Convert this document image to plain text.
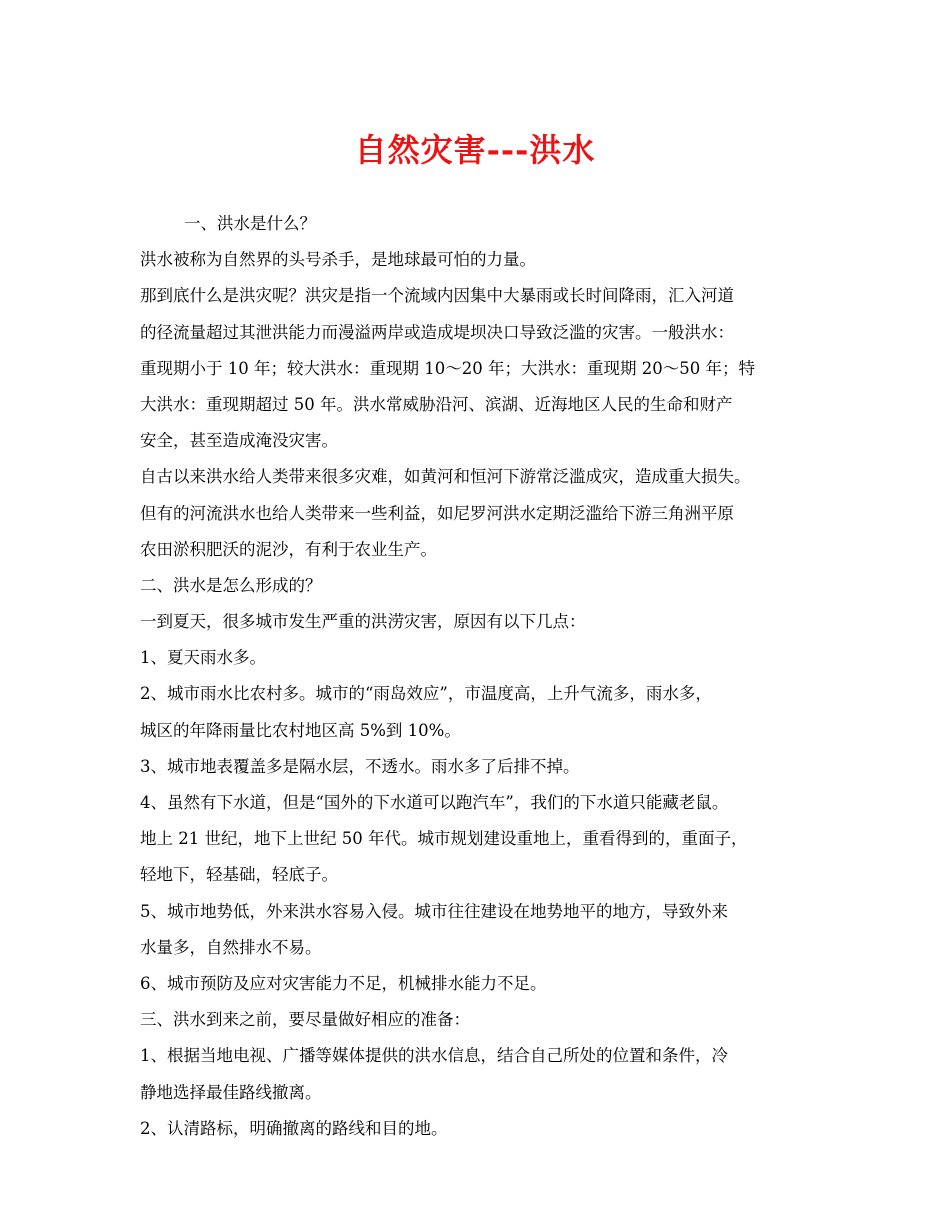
自然灾害---洪水
一、洪水是什么？
洪水被称为自然界的头号杀手，是地球最可怕的力量。
那到底什么是洪灾呢？洪灾是指一个流域内因集中大暴雨或长时间降雨，汇入河道
的径流量超过其泄洪能力而漫溢两岸或造成堤坝决口导致泛滥的灾害。一般洪水：
重现期小于 10 年；较大洪水：重现期 10～20 年；大洪水：重现期 20～50 年；特
大洪水：重现期超过 50 年。洪水常威胁沿河、滨湖、近海地区人民的生命和财产
安全，甚至造成淹没灾害。
自古以来洪水给人类带来很多灾难，如黄河和恒河下游常泛滥成灾，造成重大损失。
但有的河流洪水也给人类带来一些利益，如尼罗河洪水定期泛滥给下游三角洲平原
农田淤积肥沃的泥沙，有利于农业生产。
二、洪水是怎么形成的？
一到夏天，很多城市发生严重的洪涝灾害，原因有以下几点：
1、夏天雨水多。
2、城市雨水比农村多。城市的“雨岛效应”，市温度高，上升气流多，雨水多，
城区的年降雨量比农村地区高 5%到 10%。
3、城市地表覆盖多是隔水层，不透水。雨水多了后排不掉。
4、虽然有下水道，但是“国外的下水道可以跑汽车”，我们的下水道只能藏老鼠。
地上 21 世纪，地下上世纪 50 年代。城市规划建设重地上，重看得到的，重面子，
轻地下，轻基础，轻底子。
5、城市地势低，外来洪水容易入侵。城市往往建设在地势地平的地方，导致外来
水量多，自然排水不易。
6、城市预防及应对灾害能力不足，机械排水能力不足。
三、洪水到来之前，要尽量做好相应的准备：
1、根据当地电视、广播等媒体提供的洪水信息，结合自己所处的位置和条件，冷
静地选择最佳路线撤离。
2、认清路标，明确撤离的路线和目的地。
